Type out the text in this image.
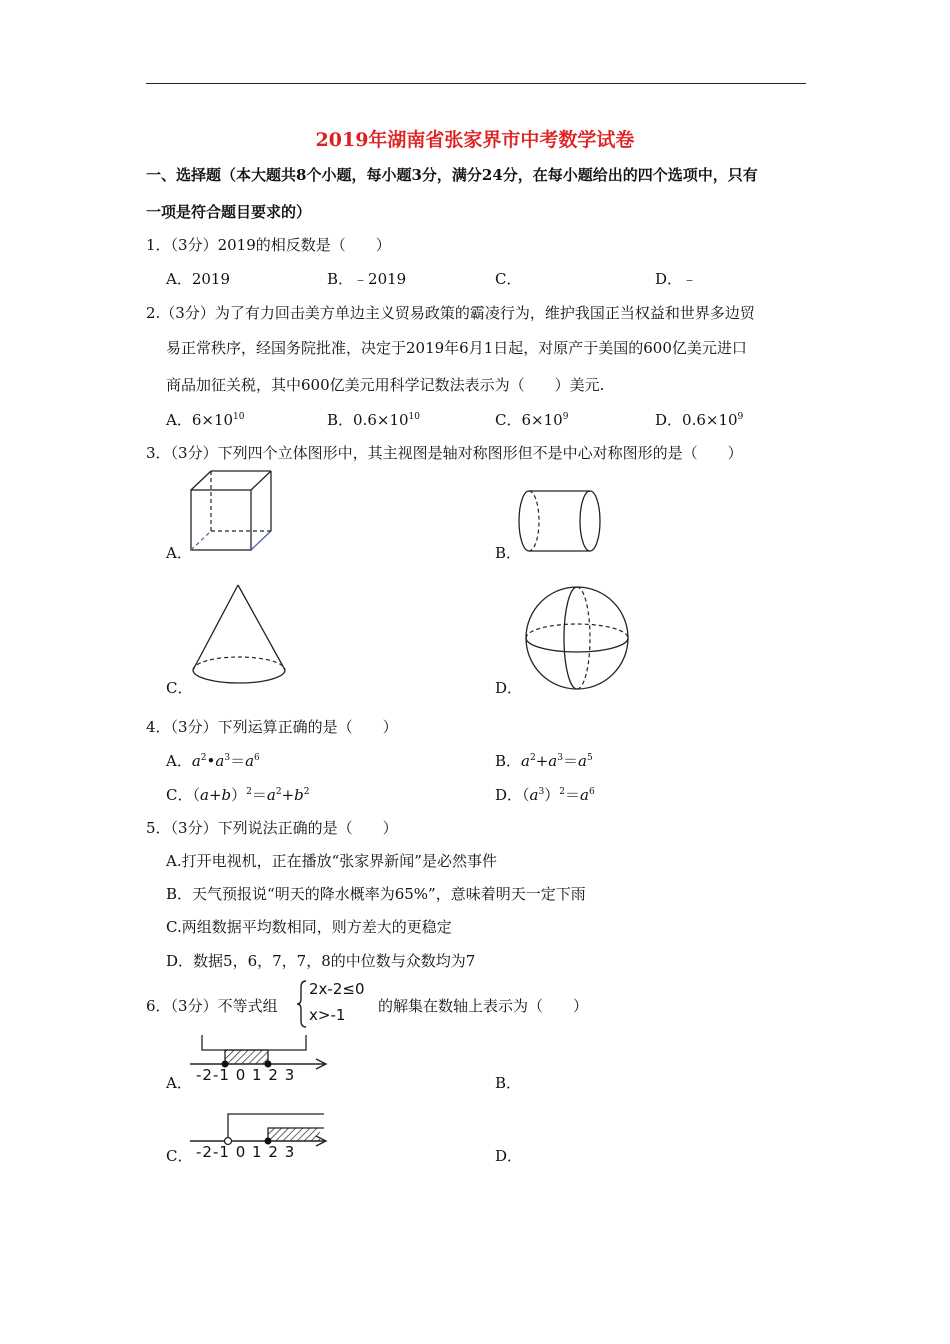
2019年湖南省张家界市中考数学试卷
一、选择题（本大题共8个小题，每小题3分，满分24分，在每小题给出的四个选项中，只有
一项是符合题目要求的）
1．（3分）2019的相反数是（　　）
A．2019	B．﹣2019	C．	D．﹣
2.（3分）为了有力回击美方单边主义贸易政策的霸凌行为，维护我国正当权益和世界多边贸
易正常秩序，经国务院批准，决定于2019年6月1日起，对原产于美国的600亿美元进口
商品加征关税，其中600亿美元用科学记数法表示为（　　）美元.
A．$6\times 10^{10}$	B．$0.6\times 10^{10}$	C．$6\times 10^9$	D．$0.6\times 10^9$
3．（3分）下列四个立体图形中，其主视图是轴对称图形但不是中心对称图形的是（　　）
A．	B．
C．	D．
4．（3分）下列运算正确的是（　　）
A．$a^2•a^3=a^6$	B．$a^2+a^3=a^5$
C．$(a+b)^2=a^2+b^2$	D．$(a^3)^2=a^6$
5．（3分）下列说法正确的是（　　）
A.打开电视机，正在播放“张家界新闻”是必然事件
B．天气预报说“明天的降水概率为65%”，意味着明天一定下雨
C.两组数据平均数相同，则方差大的更稳定
D．数据5，6，7，7，8的中位数与众数均为7
6．（3分）不等式组
2x-2≤0
x>-1 的解集在数轴上表示为（　　）
A． -2-1 0 1 2 3	B．
C． -2-1 0 1 2 3	D．
